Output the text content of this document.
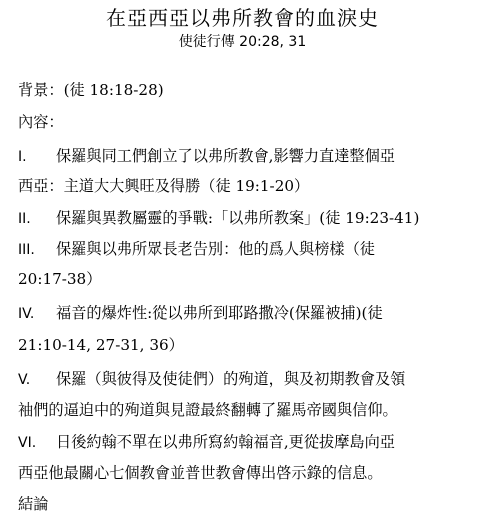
在亞西亞以弗所教會的血淚史
使徒行傳 20:28, 31
背景：(徒 18:18-28)
內容：
I. 保羅與同工們創立了以弗所教會,影響力直達整個亞
西亞：主道大大興旺及得勝（徒 19:1-20）
II. 保羅與異教屬靈的爭戰:「以弗所教案」(徒 19:23-41)
III. 保羅與以弗所眾長老告別：他的爲人與榜樣（徒
20:17-38）
IV. 福音的爆炸性:從以弗所到耶路撒冷(保羅被捕)(徒
21:10-14, 27-31, 36）
V. 保羅（與彼得及使徒們）的殉道，與及初期教會及領
袖們的逼迫中的殉道與見證最終翻轉了羅馬帝國與信仰。
VI. 日後約翰不單在以弗所寫約翰福音,更從拔摩島向亞
西亞他最關心七個教會並普世教會傳出啓示錄的信息。
結論
